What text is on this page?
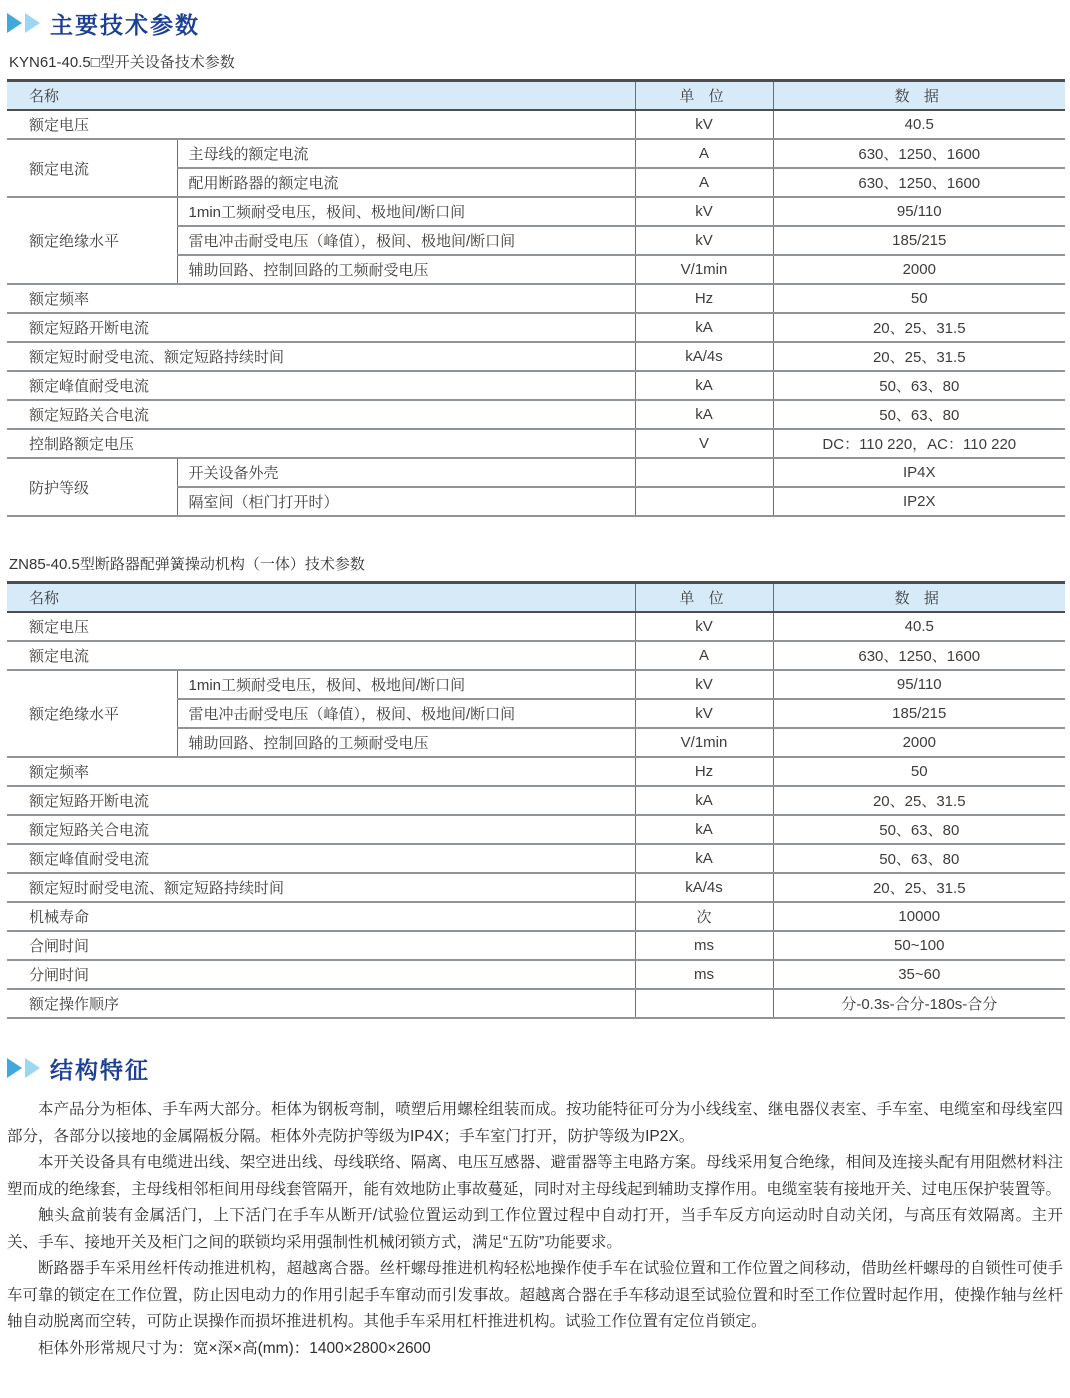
主要技术参数
KYN61-40.5□型开关设备技术参数
名称		单 位	数 据
额定电压		kV	40.5
额定电流	主母线的额定电流	A	630、1250、1600
	配用断路器的额定电流	A	630、1250、1600
额定绝缘水平	1min工频耐受电压，极间、极地间/断口间	kV	95/110
	雷电冲击耐受电压（峰值），极间、极地间/断口间	kV	185/215
	辅助回路、控制回路的工频耐受电压	V/1min	2000
额定频率		Hz	50
额定短路开断电流		kA	20、25、31.5
额定短时耐受电流、额定短路持续时间		kA/4s	20、25、31.5
额定峰值耐受电流		kA	50、63、80
额定短路关合电流		kA	50、63、80
控制路额定电压		V	DC：110 220，AC：110 220
防护等级	开关设备外壳		IP4X
	隔室间（柜门打开时）		IP2X
ZN85-40.5型断路器配弹簧操动机构（一体）技术参数
名称		单 位	数 据
额定电压		kV	40.5
额定电流		A	630、1250、1600
额定绝缘水平	1min工频耐受电压，极间、极地间/断口间	kV	95/110
	雷电冲击耐受电压（峰值），极间、极地间/断口间	kV	185/215
	辅助回路、控制回路的工频耐受电压	V/1min	2000
额定频率		Hz	50
额定短路开断电流		kA	20、25、31.5
额定短路关合电流		kA	50、63、80
额定峰值耐受电流		kA	50、63、80
额定短时耐受电流、额定短路持续时间		kA/4s	20、25、31.5
机械寿命		次	10000
合闸时间		ms	50~100
分闸时间		ms	35~60
额定操作顺序			分-0.3s-合分-180s-合分
结构特征

本产品分为柜体、手车两大部分。柜体为钢板弯制，喷塑后用螺栓组装而成。按功能特征可分为小线线室、继电器仪表室、手车室、电缆室和母线室四部分，各部分以接地的金属隔板分隔。柜体外壳防护等级为IP4X；手车室门打开，防护等级为IP2X。

本开关设备具有电缆进出线、架空进出线、母线联络、隔离、电压互感器、避雷器等主电路方案。母线采用复合绝缘，相间及连接头配有用阻燃材料注塑而成的绝缘套，主母线相邻柜间用母线套管隔开，能有效地防止事故蔓延，同时对主母线起到辅助支撑作用。电缆室装有接地开关、过电压保护装置等。

触头盒前装有金属活门，上下活门在手车从断开/试验位置运动到工作位置过程中自动打开，当手车反方向运动时自动关闭，与高压有效隔离。主开关、手车、接地开关及柜门之间的联锁均采用强制性机械闭锁方式，满足“五防”功能要求。

断路器手车采用丝杆传动推进机构，超越离合器。丝杆螺母推进机构轻松地操作使手车在试验位置和工作位置之间移动，借助丝杆螺母的自锁性可使手车可靠的锁定在工作位置，防止因电动力的作用引起手车窜动而引发事故。超越离合器在手车移动退至试验位置和时至工作位置时起作用，使操作轴与丝杆轴自动脱离而空转，可防止误操作而损坏推进机构。其他手车采用杠杆推进机构。试验工作位置有定位肖锁定。

柜体外形常规尺寸为：宽×深×高(mm)：1400×2800×2600
